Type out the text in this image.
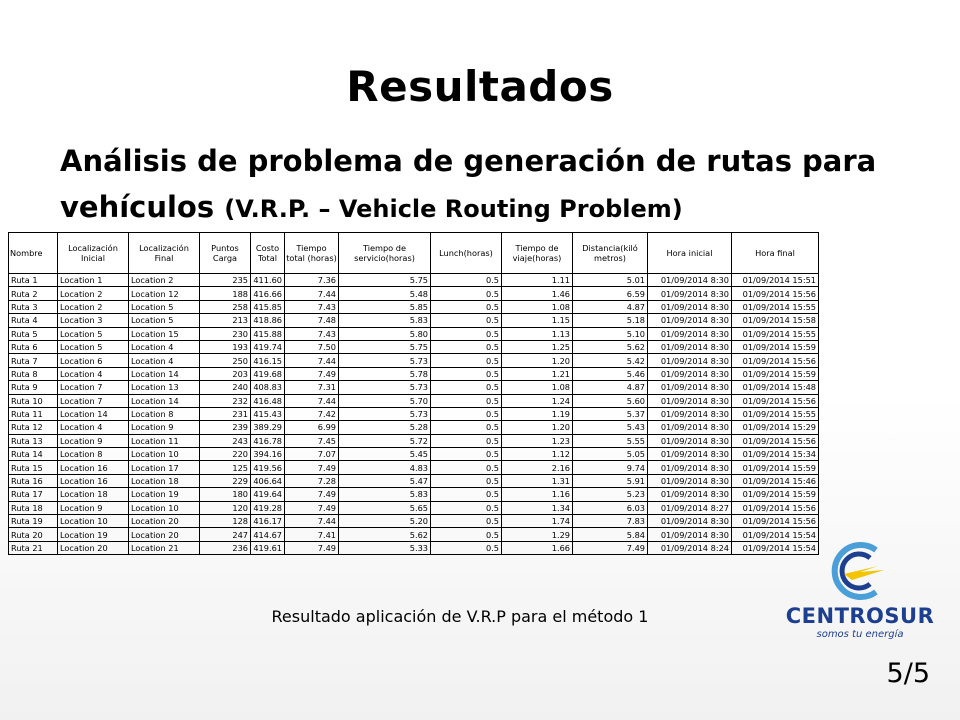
Resultados
Análisis de problema de generación de rutas para vehículos (V.R.P. – Vehicle Routing Problem)
Nombre	Localización Inicial	Localización Final	Puntos Carga	Costo Total	Tiempo total (horas)	Tiempo de servicio(horas)	Lunch(horas)	Tiempo de viaje(horas)	Distancia(kiló metros)	Hora inicial	Hora final
Ruta 1	Location 1	Location 2	235	411.60	7.36	5.75	0.5	1.11	5.01	01/09/2014 8:30	01/09/2014 15:51
Ruta 2	Location 2	Location 12	188	416.66	7.44	5.48	0.5	1.46	6.59	01/09/2014 8:30	01/09/2014 15:56
Ruta 3	Location 2	Location 5	258	415.85	7.43	5.85	0.5	1.08	4.87	01/09/2014 8:30	01/09/2014 15:55
Ruta 4	Location 3	Location 5	213	418.86	7.48	5.83	0.5	1.15	5.18	01/09/2014 8:30	01/09/2014 15:58
Ruta 5	Location 5	Location 15	230	415.88	7.43	5.80	0.5	1.13	5.10	01/09/2014 8:30	01/09/2014 15:55
Ruta 6	Location 5	Location 4	193	419.74	7.50	5.75	0.5	1.25	5.62	01/09/2014 8:30	01/09/2014 15:59
Ruta 7	Location 6	Location 4	250	416.15	7.44	5.73	0.5	1.20	5.42	01/09/2014 8:30	01/09/2014 15:56
Ruta 8	Location 4	Location 14	203	419.68	7.49	5.78	0.5	1.21	5.46	01/09/2014 8:30	01/09/2014 15:59
Ruta 9	Location 7	Location 13	240	408.83	7.31	5.73	0.5	1.08	4.87	01/09/2014 8:30	01/09/2014 15:48
Ruta 10	Location 7	Location 14	232	416.48	7.44	5.70	0.5	1.24	5.60	01/09/2014 8:30	01/09/2014 15:56
Ruta 11	Location 14	Location 8	231	415.43	7.42	5.73	0.5	1.19	5.37	01/09/2014 8:30	01/09/2014 15:55
Ruta 12	Location 4	Location 9	239	389.29	6.99	5.28	0.5	1.20	5.43	01/09/2014 8:30	01/09/2014 15:29
Ruta 13	Location 9	Location 11	243	416.78	7.45	5.72	0.5	1.23	5.55	01/09/2014 8:30	01/09/2014 15:56
Ruta 14	Location 8	Location 10	220	394.16	7.07	5.45	0.5	1.12	5.05	01/09/2014 8:30	01/09/2014 15:34
Ruta 15	Location 16	Location 17	125	419.56	7.49	4.83	0.5	2.16	9.74	01/09/2014 8:30	01/09/2014 15:59
Ruta 16	Location 16	Location 18	229	406.64	7.28	5.47	0.5	1.31	5.91	01/09/2014 8:30	01/09/2014 15:46
Ruta 17	Location 18	Location 19	180	419.64	7.49	5.83	0.5	1.16	5.23	01/09/2014 8:30	01/09/2014 15:59
Ruta 18	Location 9	Location 10	120	419.28	7.49	5.65	0.5	1.34	6.03	01/09/2014 8:27	01/09/2014 15:56
Ruta 19	Location 10	Location 20	128	416.17	7.44	5.20	0.5	1.74	7.83	01/09/2014 8:30	01/09/2014 15:56
Ruta 20	Location 19	Location 20	247	414.67	7.41	5.62	0.5	1.29	5.84	01/09/2014 8:30	01/09/2014 15:54
Ruta 21	Location 20	Location 21	236	419.61	7.49	5.33	0.5	1.66	7.49	01/09/2014 8:24	01/09/2014 15:54
Resultado aplicación de V.R.P para el método 1	CENTROSUR
somos tu energía
5/5
